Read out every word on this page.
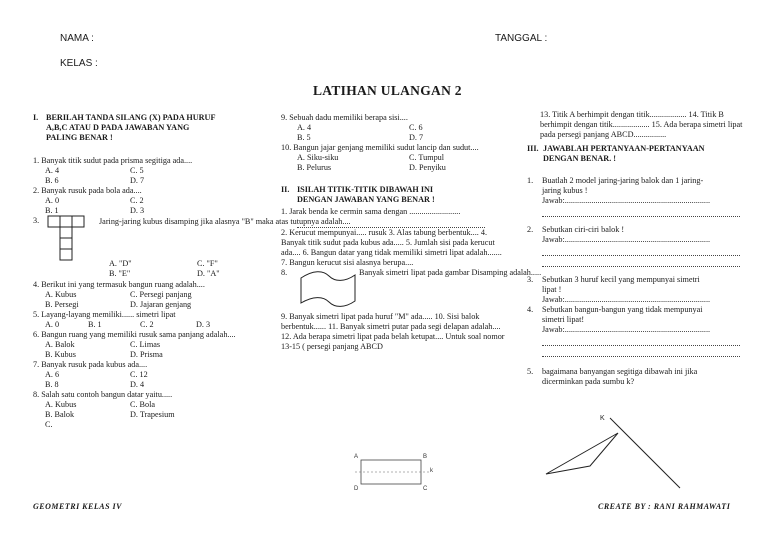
NAMA :	TANGGAL :
KELAS :
LATIHAN ULANGAN 2
I. BERILAH TANDA SILANG (X) PADA HURUF
A,B,C ATAU D PADA JAWABAN YANG
PALING BENAR !
1. Banyak titik sudut pada prisma segitiga ada....
A. 4	C. 5
B. 6	D. 7
2. Banyak rusuk pada bola ada....
A. 0	C. 2
B. 1	D. 3
3.	Jaring-jaring kubus disamping jika alasnya "B" maka atas tutupnya adalah....
A. "D"	C. "F"
B. "E"	D. "A"
4. Berikut ini yang termasuk bangun ruang adalah....
A. Kubus	C. Persegi panjang
B. Persegi	D. Jajaran genjang
5. Layang-layang memiliki...... simetri lipat
A. 0	B. 1	C. 2	D. 3
6. Bangun ruang yang memiliki rusuk sama panjang adalah....
A. Balok	C. Limas
B. Kubus	D. Prisma
7. Banyak rusuk pada kubus ada....
A. 6	C. 12
B. 8	D. 4
8. Salah satu contoh bangun datar yaitu.....
A. Kubus	C. Bola
B. Balok	D. Trapesium
C.
9. Sebuah dadu memiliki berapa sisi....
A. 4	C. 6
B. 5	D. 7
10. Bangun jajar genjang memiliki sudut lancip dan sudut....
A. Siku-siku	C. Tumpul
B. Pelurus	D. Penyiku
II. ISILAH TITIK-TITIK DIBAWAH INI
DENGAN JAWABAN YANG BENAR !
1. Jarak benda ke cermin sama dengan .........................
2. Kerucut mempunyai..... rusuk 3. Alas tabung berbentuk.... 4. Banyak titik sudut pada kubus ada..... 5. Jumlah sisi pada kerucut ada.... 6. Bangun datar yang tidak memiliki simetri lipat adalah....... 7. Bangun kerucut sisi alasnya berupa....
8.	Banyak simetri lipat pada gambar Disamping adalah.....
9. Banyak simetri lipat pada huruf "M" ada..... 10. Sisi balok berbentuk...... 11. Banyak simetri putar pada segi delapan adalah.... 12. Ada berapa simetri lipat pada belah ketupat.... Untuk soal nomor 13-15 ( persegi panjang ABCD
A	B
D	C
k
13. Titik A berhimpit dengan titik.................. 14. Titik B berhimpit dengan titik.................. 15. Ada berapa simetri lipat pada persegi panjang ABCD................
III. JAWABLAH PERTANYAAN-PERTANYAAN
DENGAN BENAR. !
1.	Buatlah 2 model jaring-jaring balok dan 1 jaring-
jaring kubus !
Jawab:.......................................................................
2.	Sebutkan ciri-ciri balok !
Jawab:.......................................................................
3.	Sebutkan 3 huruf kecil yang mempunyai simetri
lipat !
Jawab:.......................................................................
4.	Sebutkan bangun-bangun yang tidak mempunyai
simetri lipat!
Jawab:.......................................................................
5.	bagaimana banyangan segitiga dibawah ini jika
dicerminkan pada sumbu k?
K
GEOMETRI KELAS IV	CREATE BY : RANI RAHMAWATI
